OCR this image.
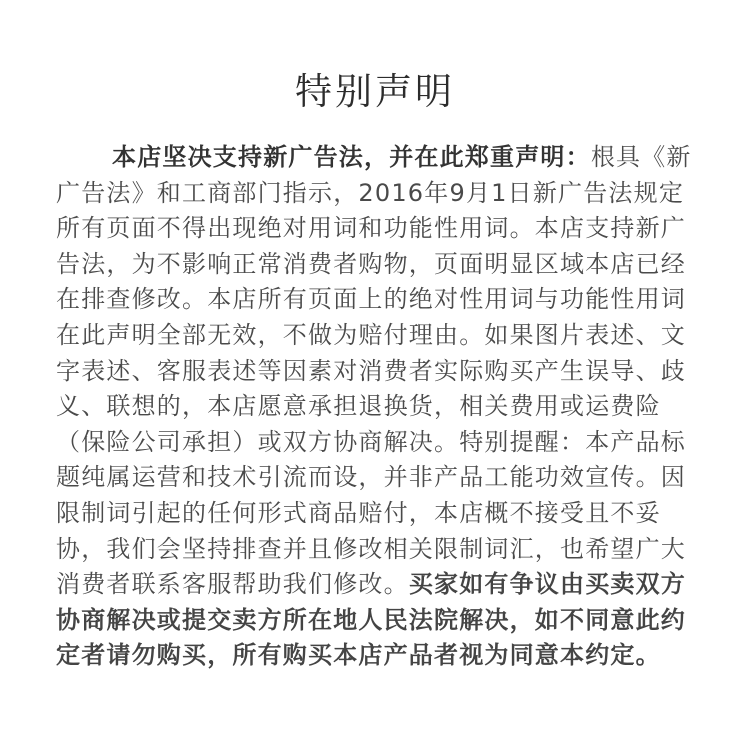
特别声明

本店坚决支持新广告法，并在此郑重声明：根具《新广告法》和工商部门指示，2016年9月1日新广告法规定所有页面不得出现绝对用词和功能性用词。本店支持新广告法，为不影响正常消费者购物，页面明显区域本店已经在排查修改。本店所有页面上的绝对性用词与功能性用词在此声明全部无效，不做为赔付理由。如果图片表述、文字表述、客服表述等因素对消费者实际购买产生误导、歧义、联想的，本店愿意承担退换货，相关费用或运费险（保险公司承担）或双方协商解决。特别提醒：本产品标题纯属运营和技术引流而设，并非产品工能功效宣传。因限制词引起的任何形式商品赔付，本店概不接受且不妥协，我们会坚持排查并且修改相关限制词汇，也希望广大消费者联系客服帮助我们修改。买家如有争议由买卖双方协商解决或提交卖方所在地人民法院解决，如不同意此约定者请勿购买，所有购买本店产品者视为同意本约定。
